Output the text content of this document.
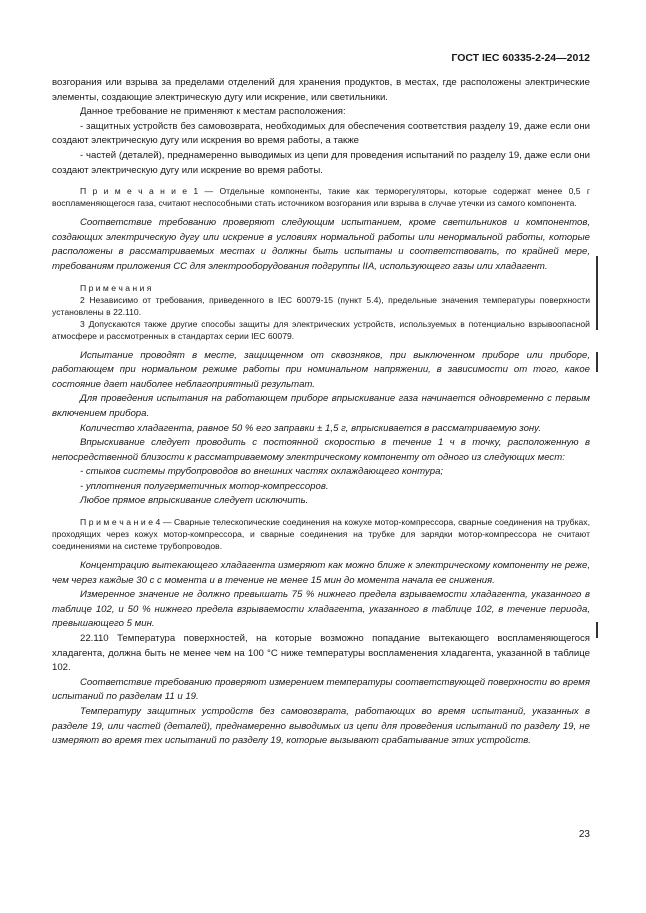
ГОСТ IEC 60335-2-24—2012

возгорания или взрыва за пределами отделений для хранения продуктов, в местах, где расположены электрические элементы, создающие электрическую дугу или искрение, или светильники.

Данное требование не применяют к местам расположения:

- защитных устройств без самовозврата, необходимых для обеспечения соответствия разделу 19, даже если они создают электрическую дугу или искрения во время работы, а также

- частей (деталей), преднамеренно выводимых из цепи для проведения испытаний по разделу 19, даже если они создают электрическую дугу или искрение во время работы.

П р и м е ч а н и е 1 — Отдельные компоненты, такие как терморегуляторы, которые содержат менее 0,5 г воспламеняющегося газа, считают неспособными стать источником возгорания или взрыва в случае утечки из самого компонента.

Соответствие требованию проверяют следующим испытанием, кроме светильников и компонентов, создающих электрическую дугу или искрение в условиях нормальной работы или ненормальной работы, которые расположены в рассматриваемых местах и должны быть испытаны и соответствовать, по крайней мере, требованиям приложения СС для электрооборудования подгруппы IIA, использующего газы или хладагент.

П р и м е ч а н и я

2 Независимо от требования, приведенного в IEC 60079-15 (пункт 5.4), предельные значения температуры поверхности установлены в 22.110.

3 Допускаются также другие способы защиты для электрических устройств, используемых в потенциально взрывоопасной атмосфере и рассмотренных в стандартах серии IEC 60079.

Испытание проводят в месте, защищенном от сквозняков, при выключенном приборе или приборе, работающем при нормальном режиме работы при номинальном напряжении, в зависимости от того, какое состояние дает наиболее неблагоприятный результат.

Для проведения испытания на работающем приборе впрыскивание газа начинается одновременно с первым включением прибора.

Количество хладагента, равное 50 % его заправки ± 1,5 г, впрыскивается в рассматриваемую зону.

Впрыскивание следует проводить с постоянной скоростью в течение 1 ч в точку, расположенную в непосредственной близости к рассматриваемому электрическому компоненту от одного из следующих мест:

- стыков системы трубопроводов во внешних частях охлаждающего контура;

- уплотнения полугерметичных мотор-компрессоров.

Любое прямое впрыскивание следует исключить.

П р и м е ч а н и е 4 — Сварные телескопические соединения на кожухе мотор-компрессора, сварные соединения на трубках, проходящих через кожух мотор-компрессора, и сварные соединения на трубке для зарядки мотор-компрессора не считают соединениями на системе трубопроводов.

Концентрацию вытекающего хладагента измеряют как можно ближе к электрическому компоненту не реже, чем через каждые 30 с с момента и в течение не менее 15 мин до момента начала ее снижения.

Измеренное значение не должно превышать 75 % нижнего предела взрываемости хладагента, указанного в таблице 102, и 50 % нижнего предела взрываемости хладагента, указанного в таблице 102, в течение периода, превышающего 5 мин.

22.110 Температура поверхностей, на которые возможно попадание вытекающего воспламеняющегося хладагента, должна быть не менее чем на 100 °С ниже температуры воспламенения хладагента, указанной в таблице 102.

Соответствие требованию проверяют измерением температуры соответствующей поверхности во время испытаний по разделам 11 и 19.

Температуру защитных устройств без самовозврата, работающих во время испытаний, указанных в разделе 19, или частей (деталей), преднамеренно выводимых из цепи для проведения испытаний по разделу 19, не измеряют во время тех испытаний по разделу 19, которые вызывают срабатывание этих устройств.

23
